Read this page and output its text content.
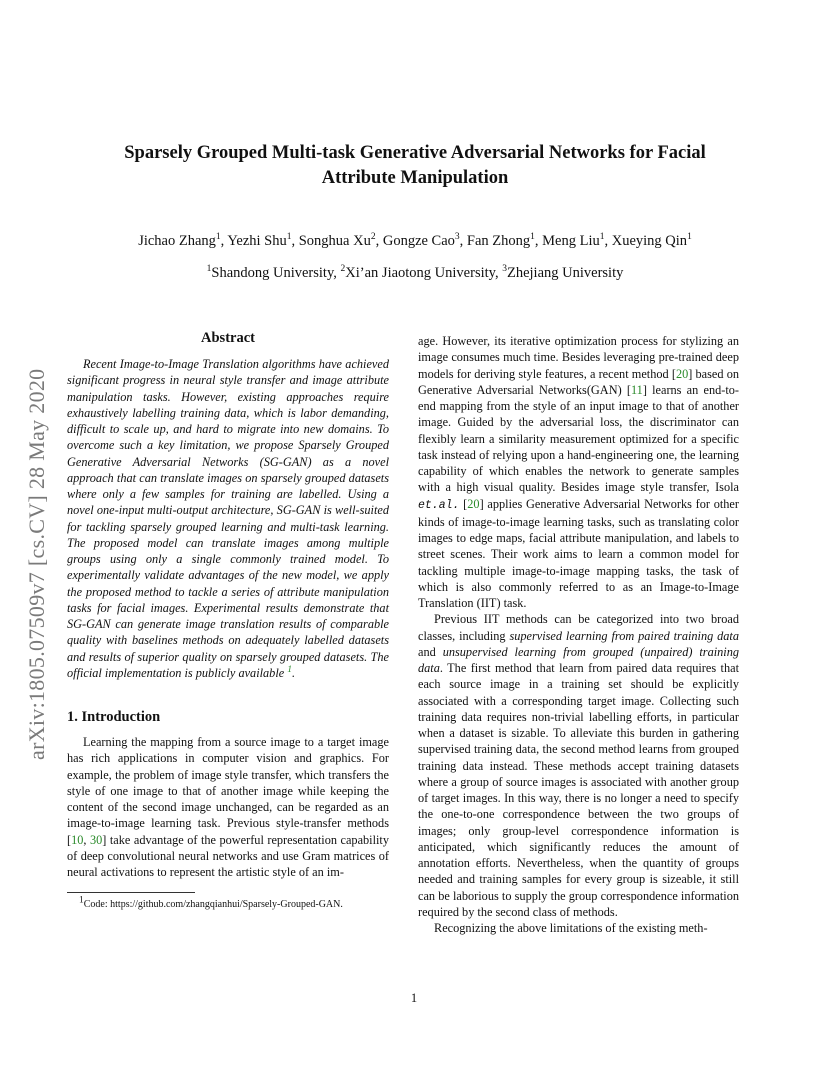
arXiv:1805.07509v7 [cs.CV] 28 May 2020
Sparsely Grouped Multi-task Generative Adversarial Networks for Facial
Attribute Manipulation
Jichao Zhang$^1$, Yezhi Shu$^1$, Songhua Xu$^2$, Gongze Cao$^3$, Fan Zhong$^1$, Meng Liu$^1$, Xueying Qin$^1$
$^1$Shandong University, $^2$Xi’an Jiaotong University, $^3$Zhejiang University
Abstract

Recent Image-to-Image Translation algorithms have achieved significant progress in neural style transfer and image attribute manipulation tasks. However, existing approaches require exhaustively labelling training data, which is labor demanding, difficult to scale up, and hard to migrate into new domains. To overcome such a key limitation, we propose Sparsely Grouped Generative Adversarial Networks (SG-GAN) as a novel approach that can translate images on sparsely grouped datasets where only a few samples for training are labelled. Using a novel one-input multi-output architecture, SG-GAN is well-suited for tackling sparsely grouped learning and multi-task learning. The proposed model can translate images among multiple groups using only a single commonly trained model. To experimentally validate advantages of the new model, we apply the proposed method to tackle a series of attribute manipulation tasks for facial images. Experimental results demonstrate that SG-GAN can generate image translation results of comparable quality with baselines methods on adequately labelled datasets and results of superior quality on sparsely grouped datasets. The official implementation is publicly available $^1$.

1. Introduction

Learning the mapping from a source image to a target image has rich applications in computer vision and graphics. For example, the problem of image style transfer, which transfers the style of one image to that of another image while keeping the content of the second image unchanged, can be regarded as an image-to-image learning task. Previous style-transfer methods [10, 30] take advantage of the powerful representation capability of deep convolutional neural networks and use Gram matrices of neural activations to represent the artistic style of an im-

$^1$Code: https://github.com/zhangqianhui/Sparsely-Grouped-GAN.

age. However, its iterative optimization process for stylizing an image consumes much time. Besides leveraging pre-trained deep models for deriving style features, a recent method [20] based on Generative Adversarial Networks(GAN) [11] learns an end-to-end mapping from the style of an input image to that of another image. Guided by the adversarial loss, the discriminator can flexibly learn a similarity measurement optimized for a specific task instead of relying upon a hand-engineering one, the learning capability of which enables the network to generate samples with a high visual quality. Besides image style transfer, Isola et.al. [20] applies Generative Adversarial Networks for other kinds of image-to-image learning tasks, such as translating color images to edge maps, facial attribute manipulation, and labels to street scenes. Their work aims to learn a common model for tackling multiple image-to-image mapping tasks, the task of which is also commonly referred to as an Image-to-Image Translation (IIT) task.

Previous IIT methods can be categorized into two broad classes, including supervised learning from paired training data and unsupervised learning from grouped (unpaired) training data. The first method that learn from paired data requires that each source image in a training set should be explicitly associated with a corresponding target image. Collecting such training data requires non-trivial labelling efforts, in particular when a dataset is sizable. To alleviate this burden in gathering supervised training data, the second method learns from grouped training data instead. These methods accept training datasets where a group of source images is associated with another group of target images. In this way, there is no longer a need to specify the one-to-one correspondence between the two groups of images; only group-level correspondence information is anticipated, which significantly reduces the amount of annotation efforts. Nevertheless, when the quantity of groups needed and training samples for every group is sizeable, it still can be laborious to supply the group correspondence information required by the second class of methods.

Recognizing the above limitations of the existing meth-

1
